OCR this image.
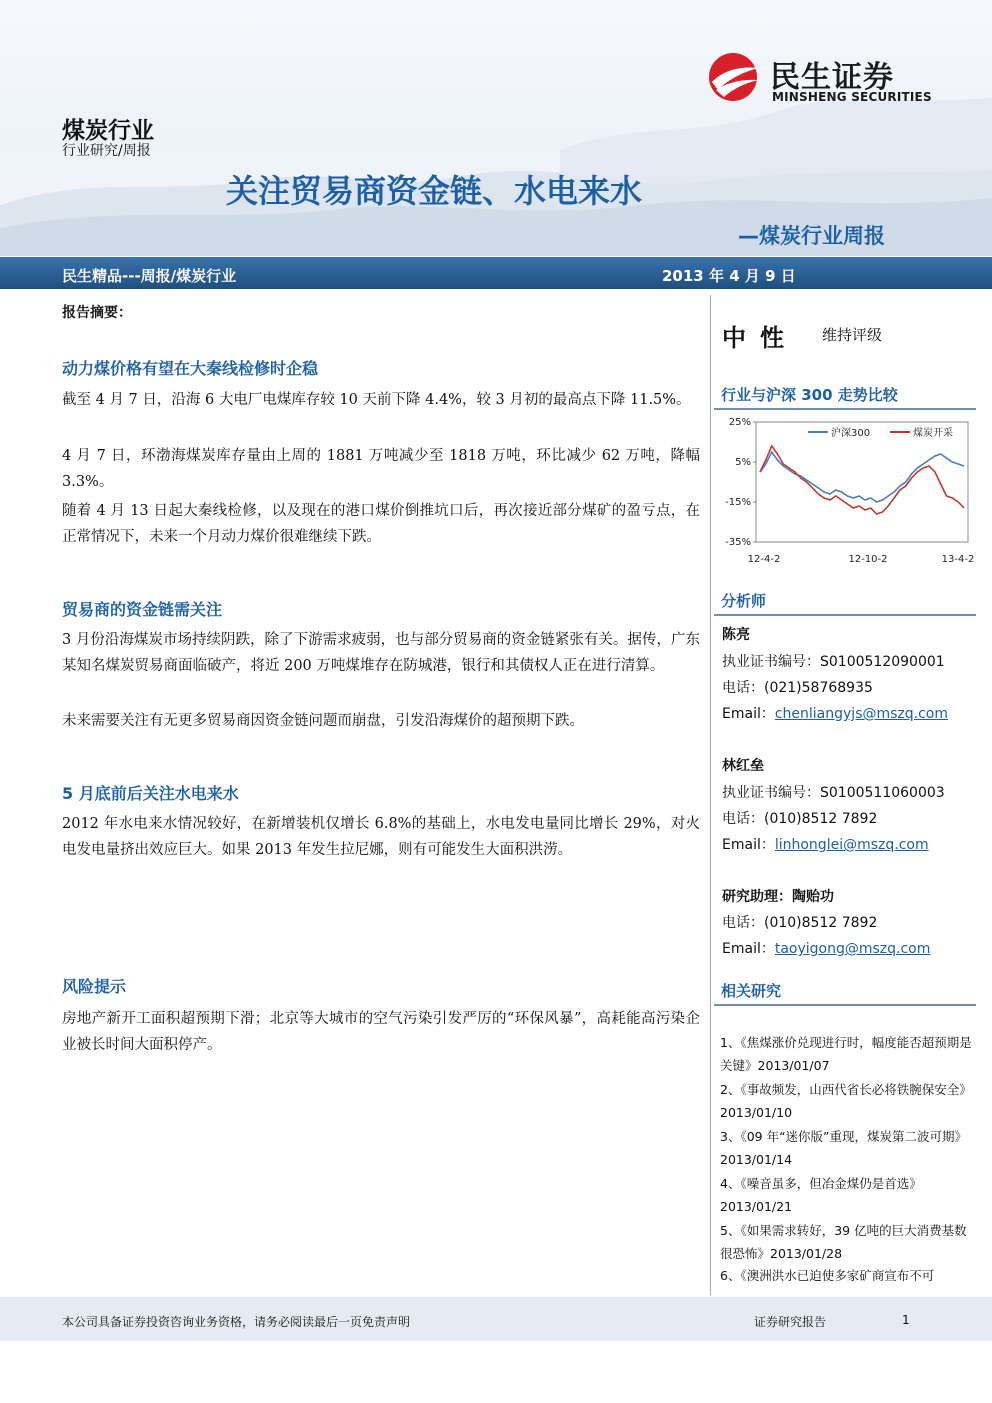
民生证券
MINSHENG SECURITIES
煤炭行业
行业研究/周报
关注贸易商资金链、水电来水
—煤炭行业周报
民生精品---周报/煤炭行业	2013 年 4 月 9 日
报告摘要：
动力煤价格有望在大秦线检修时企稳
截至 4 月 7 日，沿海 6 大电厂电煤库存较 10 天前下降 4.4%，较 3 月初的最高点下降 11.5%。
4 月 7 日，环渤海煤炭库存量由上周的 1881 万吨减少至 1818 万吨，环比减少 62 万吨，降幅 3.3%。
随着 4 月 13 日起大秦线检修，以及现在的港口煤价倒推坑口后，再次接近部分煤矿的盈亏点，在正常情况下，未来一个月动力煤价很难继续下跌。
贸易商的资金链需关注
3 月份沿海煤炭市场持续阴跌，除了下游需求疲弱，也与部分贸易商的资金链紧张有关。据传，广东某知名煤炭贸易商面临破产，将近 200 万吨煤堆存在防城港，银行和其债权人正在进行清算。
未来需要关注有无更多贸易商因资金链问题而崩盘，引发沿海煤价的超预期下跌。
5 月底前后关注水电来水
2012 年水电来水情况较好，在新增装机仅增长 6.8%的基础上，水电发电量同比增长 29%，对火电发电量挤出效应巨大。如果 2013 年发生拉尼娜，则有可能发生大面积洪涝。
风险提示
房地产新开工面积超预期下滑；北京等大城市的空气污染引发严厉的“环保风暴”，高耗能高污染企业被长时间大面积停产。
中性 维持评级
行业与沪深 300 走势比较
25%
5%
-15%
-35%
12-4-2	12-10-2	13-4-2
沪深300	煤炭开采
分析师
陈亮
执业证书编号：S0100512090001
电话：(021)58768935
Email：chenliangyjs@mszq.com
林红垒
执业证书编号：S0100511060003
电话：(010)8512 7892
Email：linhonglei@mszq.com
研究助理：陶贻功
电话：(010)8512 7892
Email：taoyigong@mszq.com
相关研究
1、《焦煤涨价兑现进行时，幅度能否超预期是关键》2013/01/07
2、《事故频发，山西代省长必将铁腕保安全》2013/01/10
3、《09 年“迷你版”重现，煤炭第二波可期》2013/01/14
4、《噪音虽多，但冶金煤仍是首选》2013/01/21
5、《如果需求转好，39 亿吨的巨大消费基数很恐怖》2013/01/28
6、《澳洲洪水已迫使多家矿商宣布不可
本公司具备证券投资咨询业务资格，请务必阅读最后一页免责声明	证券研究报告	1
